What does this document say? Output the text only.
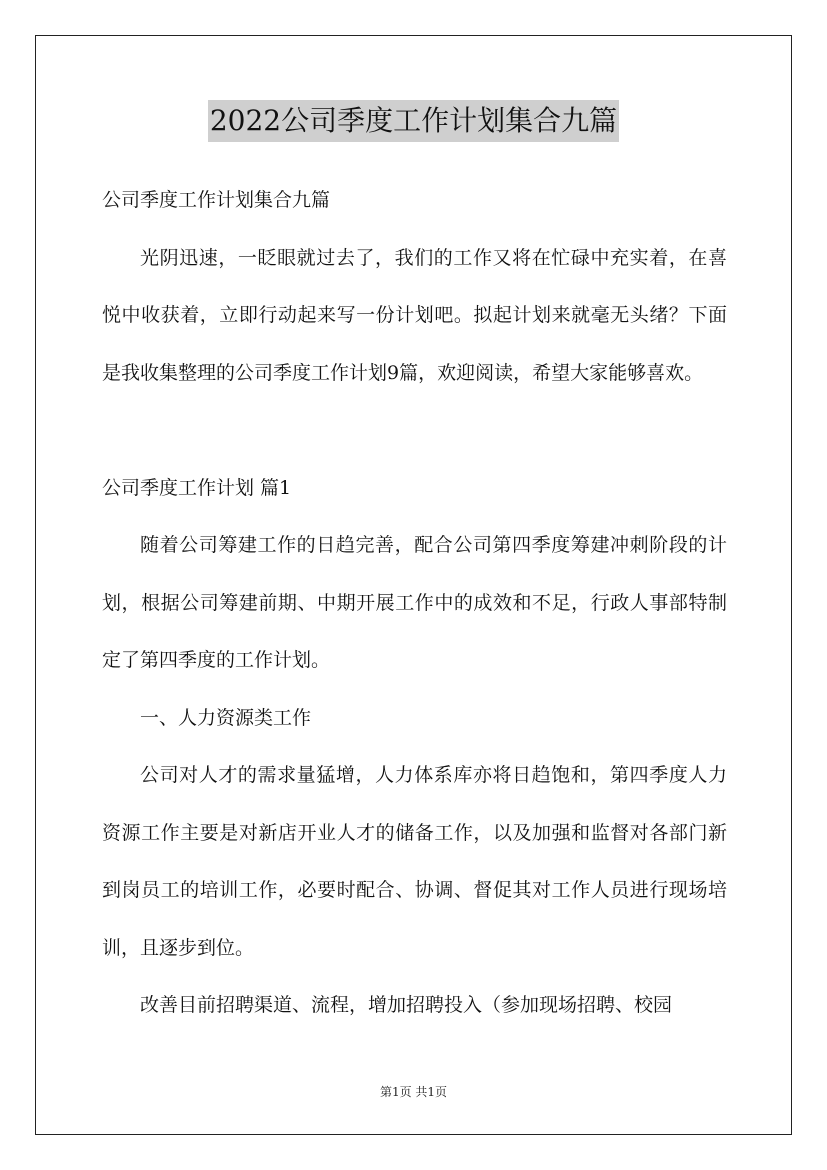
2022公司季度工作计划集合九篇

公司季度工作计划集合九篇

光阴迅速，一眨眼就过去了，我们的工作又将在忙碌中充实着，在喜悦中收获着，立即行动起来写一份计划吧。拟起计划来就毫无头绪？下面是我收集整理的公司季度工作计划9篇，欢迎阅读，希望大家能够喜欢。

公司季度工作计划 篇1

随着公司筹建工作的日趋完善，配合公司第四季度筹建冲刺阶段的计划，根据公司筹建前期、中期开展工作中的成效和不足，行政人事部特制定了第四季度的工作计划。

一、人力资源类工作

公司对人才的需求量猛增，人力体系库亦将日趋饱和，第四季度人力资源工作主要是对新店开业人才的储备工作，以及加强和监督对各部门新到岗员工的培训工作，必要时配合、协调、督促其对工作人员进行现场培训，且逐步到位。

改善目前招聘渠道、流程，增加招聘投入（参加现场招聘、校园

第1页 共1页
